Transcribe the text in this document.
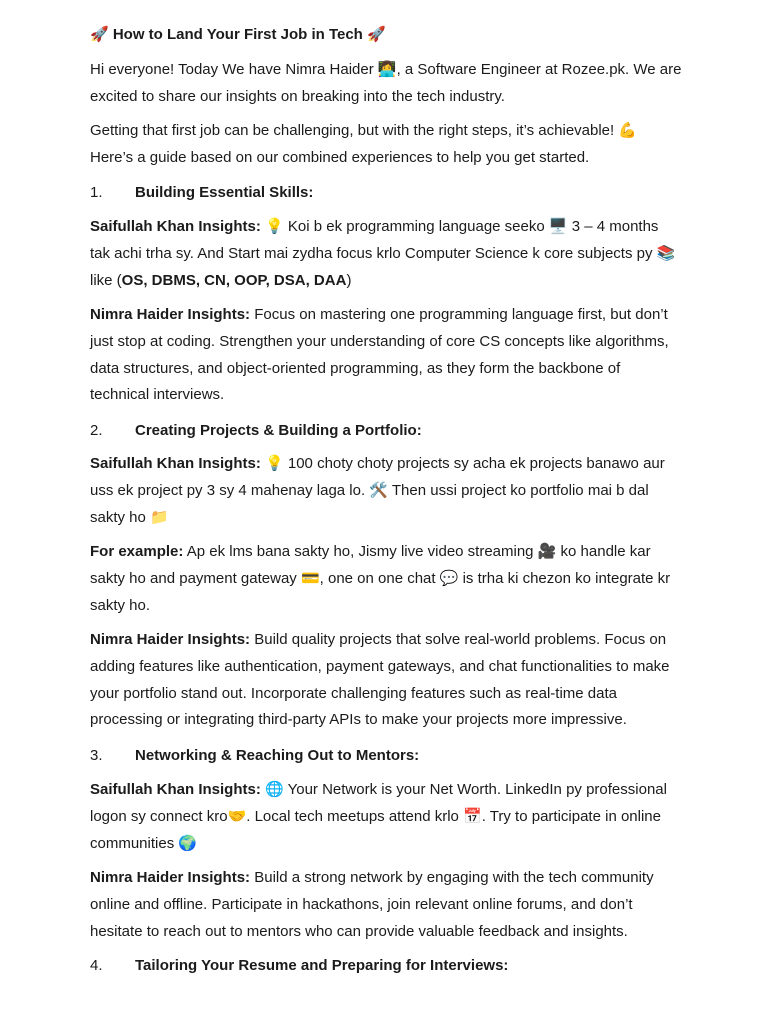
🚀 How to Land Your First Job in Tech 🚀
Hi everyone! Today We have Nimra Haider 👩‍💻, a Software Engineer at Rozee.pk. We are excited to share our insights on breaking into the tech industry.
Getting that first job can be challenging, but with the right steps, it’s achievable! 💪 Here’s a guide based on our combined experiences to help you get started.
1. Building Essential Skills:
Saifullah Khan Insights: 💡 Koi b ek programming language seeko 🖥️ 3 – 4 months tak achi trha sy. And Start mai zydha focus krlo Computer Science k core subjects py 📚 like (OS, DBMS, CN, OOP, DSA, DAA)
Nimra Haider Insights: Focus on mastering one programming language first, but don’t just stop at coding. Strengthen your understanding of core CS concepts like algorithms, data structures, and object-oriented programming, as they form the backbone of technical interviews.
2. Creating Projects & Building a Portfolio:
Saifullah Khan Insights: 💡 100 choty choty projects sy acha ek projects banawo aur uss ek project py 3 sy 4 mahenay laga lo. 🛠️ Then ussi project ko portfolio mai b dal sakty ho 📁
For example: Ap ek lms bana sakty ho, Jismy live video streaming 🎥 ko handle kar sakty ho and payment gateway 💳, one on one chat 💬 is trha ki chezon ko integrate kr sakty ho.
Nimra Haider Insights: Build quality projects that solve real-world problems. Focus on adding features like authentication, payment gateways, and chat functionalities to make your portfolio stand out. Incorporate challenging features such as real-time data processing or integrating third-party APIs to make your projects more impressive.
3. Networking & Reaching Out to Mentors:
Saifullah Khan Insights: 🌐 Your Network is your Net Worth. LinkedIn py professional logon sy connect kro🤝. Local tech meetups attend krlo 📅. Try to participate in online communities 🌍
Nimra Haider Insights: Build a strong network by engaging with the tech community online and offline. Participate in hackathons, join relevant online forums, and don’t hesitate to reach out to mentors who can provide valuable feedback and insights.
4. Tailoring Your Resume and Preparing for Interviews:
